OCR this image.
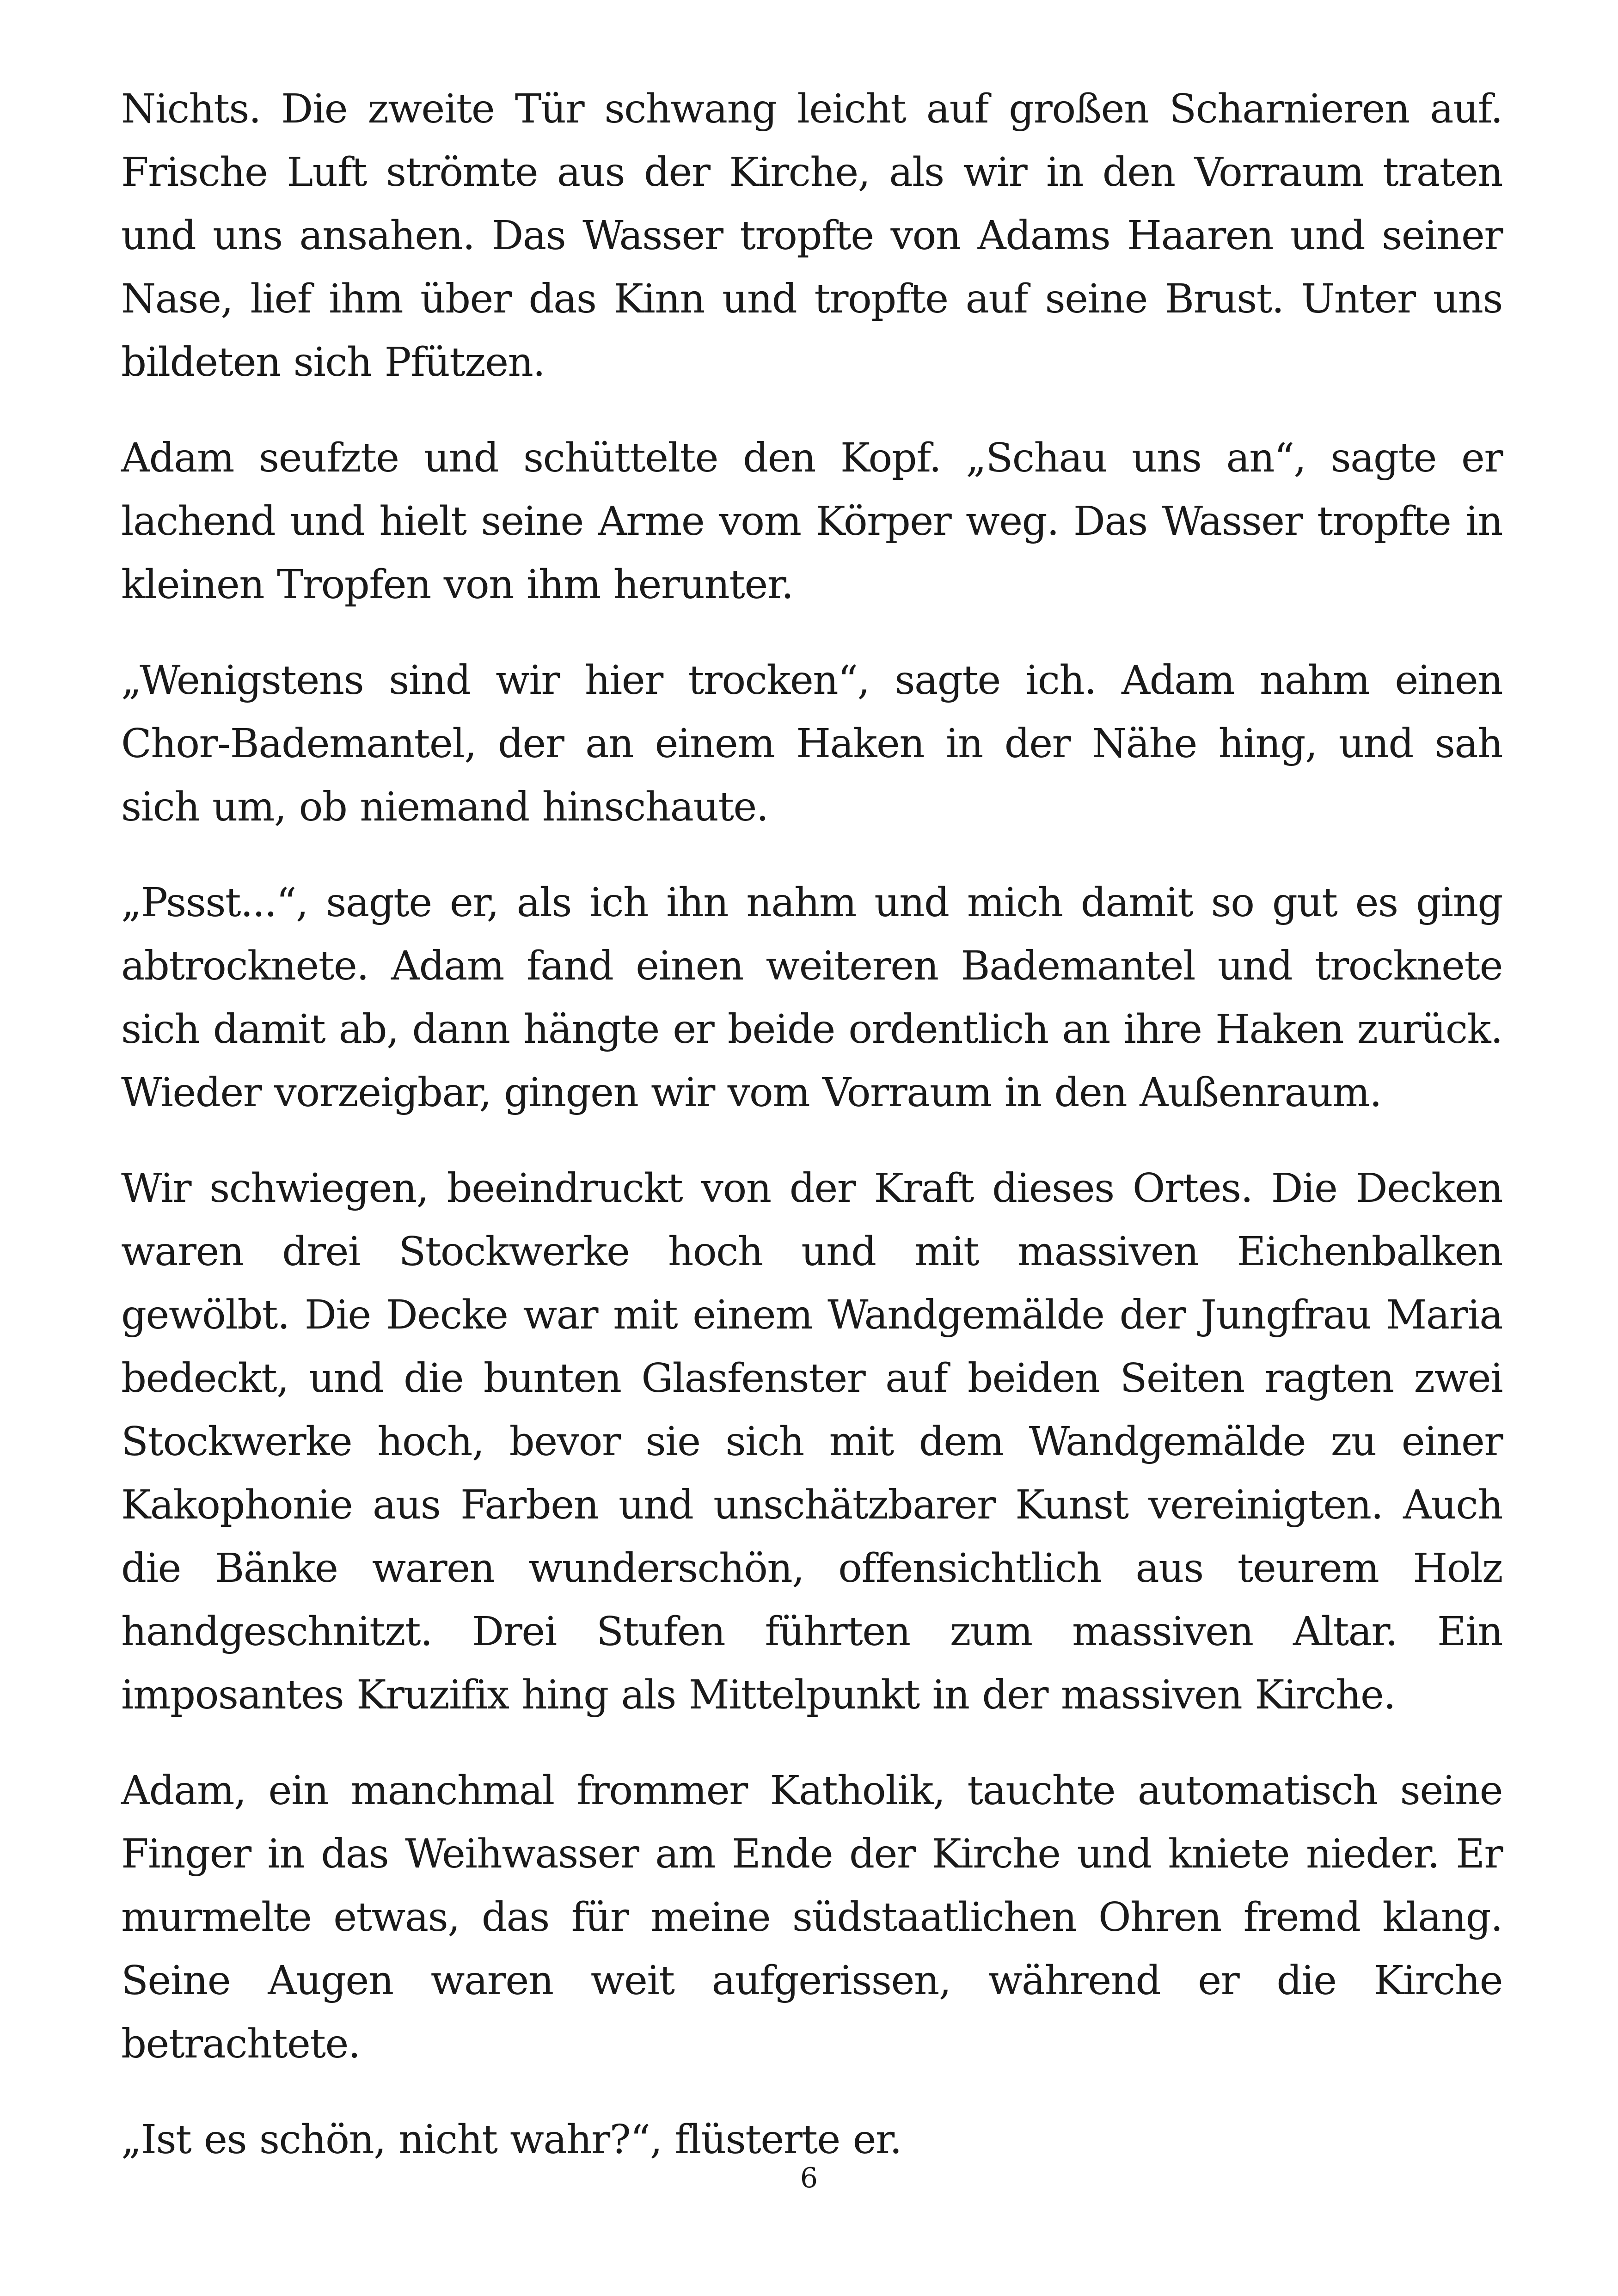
Nichts. Die zweite Tür schwang leicht auf großen Scharnieren auf. Frische Luft strömte aus der Kirche, als wir in den Vorraum traten und uns ansahen. Das Wasser tropfte von Adams Haaren und seiner Nase, lief ihm über das Kinn und tropfte auf seine Brust. Unter uns bildeten sich Pfützen.

Adam seufzte und schüttelte den Kopf. „Schau uns an“, sagte er lachend und hielt seine Arme vom Körper weg. Das Wasser tropfte in kleinen Tropfen von ihm herunter.

„Wenigstens sind wir hier trocken“, sagte ich. Adam nahm einen Chor-Bademantel, der an einem Haken in der Nähe hing, und sah sich um, ob niemand hinschaute.

„Pssst...“, sagte er, als ich ihn nahm und mich damit so gut es ging abtrocknete. Adam fand einen weiteren Bademantel und trocknete sich damit ab, dann hängte er beide ordentlich an ihre Haken zurück. Wieder vorzeigbar, gingen wir vom Vorraum in den Außenraum.

Wir schwiegen, beeindruckt von der Kraft dieses Ortes. Die Decken waren drei Stockwerke hoch und mit massiven Eichenbalken gewölbt. Die Decke war mit einem Wandgemälde der Jungfrau Maria bedeckt, und die bunten Glasfenster auf beiden Seiten ragten zwei Stockwerke hoch, bevor sie sich mit dem Wandgemälde zu einer Kakophonie aus Farben und unschätzbarer Kunst vereinigten. Auch die Bänke waren wunderschön, offensichtlich aus teurem Holz handgeschnitzt. Drei Stufen führten zum massiven Altar. Ein imposantes Kruzifix hing als Mittelpunkt in der massiven Kirche.

Adam, ein manchmal frommer Katholik, tauchte automatisch seine Finger in das Weihwasser am Ende der Kirche und kniete nieder. Er murmelte etwas, das für meine südstaatlichen Ohren fremd klang. Seine Augen waren weit aufgerissen, während er die Kirche betrachtete.

„Ist es schön, nicht wahr?“, flüsterte er.

6
